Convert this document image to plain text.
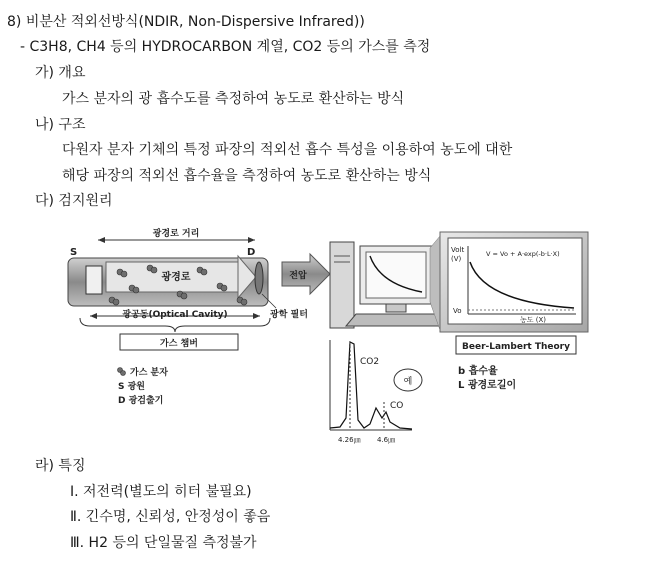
8) 비분산 적외선방식(NDIR, Non-Dispersive Infrared))
- C3H8, CH4 등의 HYDROCARBON 계열, CO2 등의 가스를 측정
가) 개요
가스 분자의 광 흡수도를 측정하여 농도로 환산하는 방식
나) 구조
다원자 분자 기체의 특정 파장의 적외선 흡수 특성을 이용하여 농도에 대한
해당 파장의 적외선 흡수율을 측정하여 농도로 환산하는 방식
다) 검지원리
광경로 거리
S	D
광경로
광공동(Optical Cavity)	광학 필터
가스 챔버
가스 분자
S 광원
D 광검출기
전압
Volt
(V)
V = Vo + A·exp(-b·L·X)
Vo
농도 (X)
Beer-Lambert Theory
CO2
CO
예
4.26㎛ 4.6㎛
b 흡수율
L 광경로길이
라) 특징
Ⅰ. 저전력(별도의 히터 불필요)
Ⅱ. 긴수명, 신뢰성, 안정성이 좋음
Ⅲ. H2 등의 단일물질 측정불가
